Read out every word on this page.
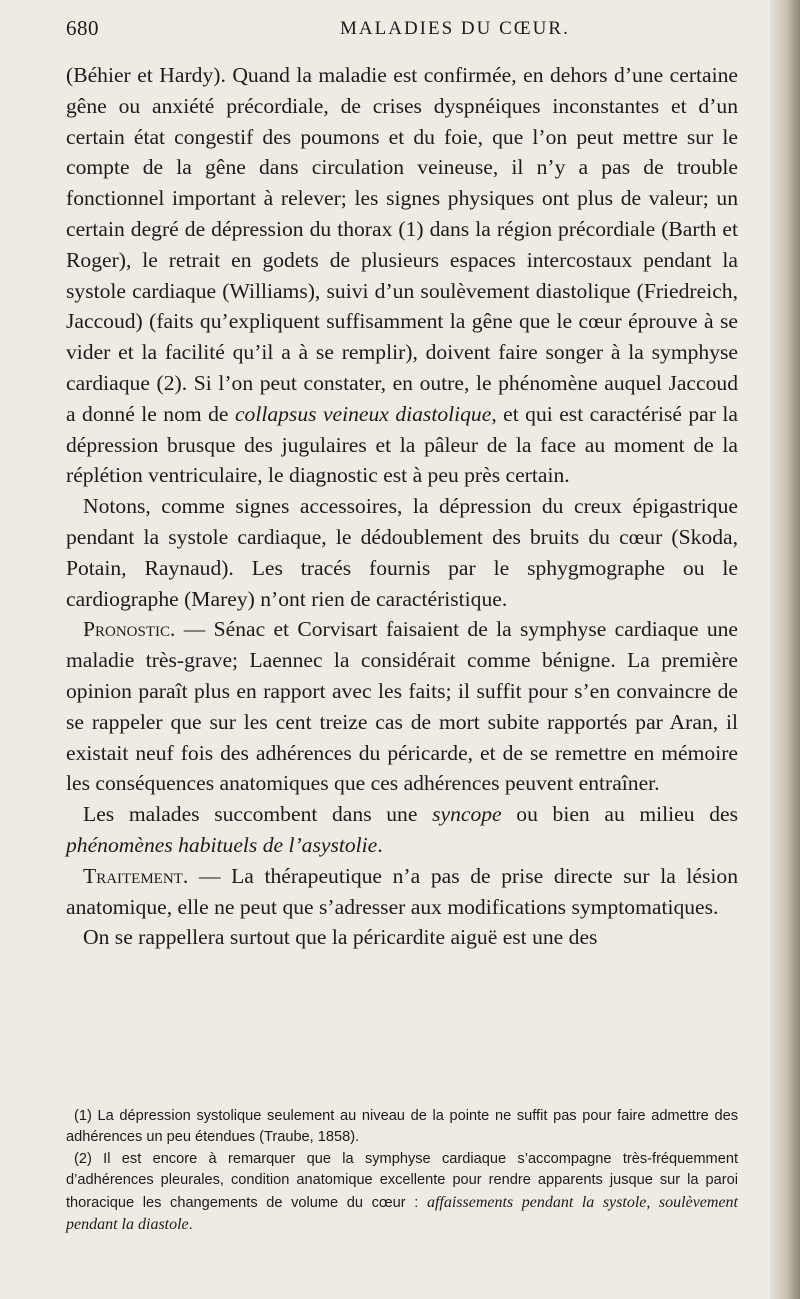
680	MALADIES DU CŒUR.

(Béhier et Hardy). Quand la maladie est confirmée, en dehors d’une certaine gêne ou anxiété précordiale, de crises dyspnéiques inconstantes et d’un certain état congestif des poumons et du foie, que l’on peut mettre sur le compte de la gêne dans circulation veineuse, il n’y a pas de trouble fonctionnel important à relever; les signes physiques ont plus de valeur; un certain degré de dépression du thorax (1) dans la région précordiale (Barth et Roger), le retrait en godets de plusieurs espaces intercostaux pendant la systole cardiaque (Williams), suivi d’un soulèvement diastolique (Friedreich, Jaccoud) (faits qu’expliquent suffisamment la gêne que le cœur éprouve à se vider et la facilité qu’il a à se remplir), doivent faire songer à la symphyse cardiaque (2). Si l’on peut constater, en outre, le phénomène auquel Jaccoud a donné le nom de collapsus veineux diastolique, et qui est caractérisé par la dépression brusque des jugulaires et la pâleur de la face au moment de la réplétion ventriculaire, le diagnostic est à peu près certain.

Notons, comme signes accessoires, la dépression du creux épigastrique pendant la systole cardiaque, le dédoublement des bruits du cœur (Skoda, Potain, Raynaud). Les tracés fournis par le sphygmographe ou le cardiographe (Marey) n’ont rien de caractéristique.

Pronostic. — Sénac et Corvisart faisaient de la symphyse cardiaque une maladie très-grave; Laennec la considérait comme bénigne. La première opinion paraît plus en rapport avec les faits; il suffit pour s’en convaincre de se rappeler que sur les cent treize cas de mort subite rapportés par Aran, il existait neuf fois des adhérences du péricarde, et de se remettre en mémoire les conséquences anatomiques que ces adhérences peuvent entraîner.

Les malades succombent dans une syncope ou bien au milieu des phénomènes habituels de l’asystolie.

Traitement. — La thérapeutique n’a pas de prise directe sur la lésion anatomique, elle ne peut que s’adresser aux modifications symptomatiques.

On se rappellera surtout que la péricardite aiguë est une des

(1) La dépression systolique seulement au niveau de la pointe ne suffit pas pour faire admettre des adhérences un peu étendues (Traube, 1858).

(2) Il est encore à remarquer que la symphyse cardiaque s’accompagne très-fréquemment d’adhérences pleurales, condition anatomique excellente pour rendre apparents jusque sur la paroi thoracique les changements de volume du cœur : affaissements pendant la systole, soulèvement pendant la diastole.
